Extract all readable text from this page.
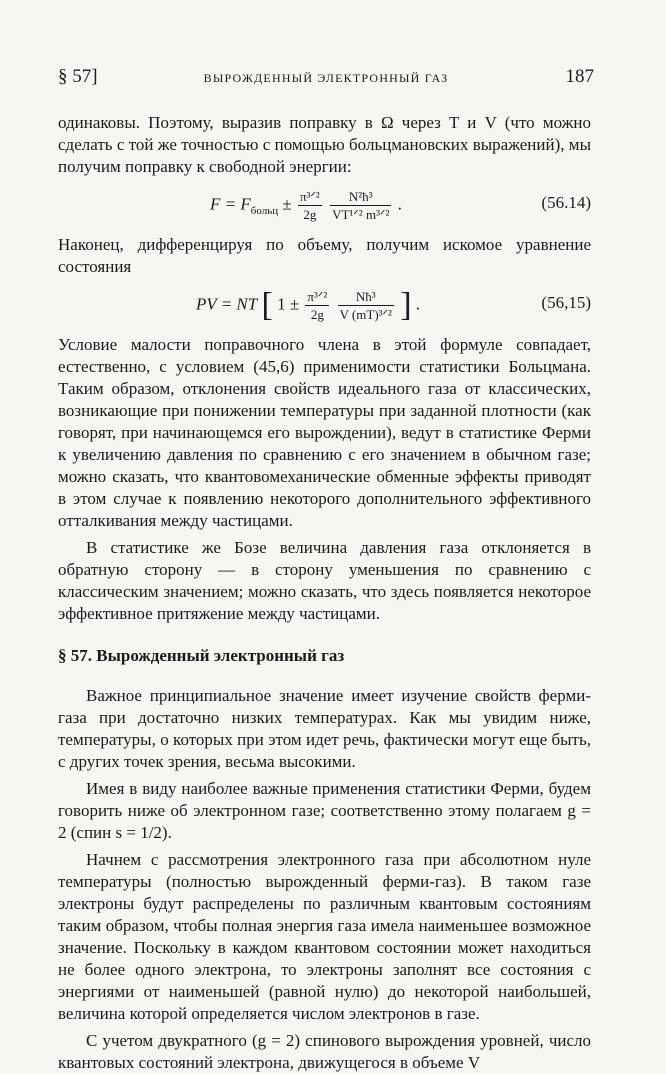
§ 57]	ВЫРОЖДЕННЫЙ ЭЛЕКТРОННЫЙ ГАЗ	187

одинаковы. Поэтому, выразив поправку в Ω через T и V (что можно сделать с той же точностью с помощью больцмановских выражений), мы получим поправку к свободной энергии:

$F = F_{больц} \pm \frac{\text{π³ᐟ²}}{2g}$
$\frac{\text{N²ħ³}}{\text{VT¹ᐟ² m³ᐟ²}}$ .	(56.14)

Наконец, дифференцируя по объему, получим искомое уравнение состояния

PV = NT [ $1 \pm \frac{\text{π³ᐟ²}}{2g}$
$\frac{\text{Nħ³}}{\text{V (mT)³ᐟ²}}$ ] .	(56,15)

Условие малости поправочного члена в этой формуле совпадает, естественно, с условием (45,6) применимости статистики Больцмана. Таким образом, отклонения свойств идеального газа от классических, возникающие при понижении температуры при заданной плотности (как говорят, при начинающемся его вырождении), ведут в статистике Ферми к увеличению давления по сравнению с его значением в обычном газе; можно сказать, что квантовомеханические обменные эффекты приводят в этом случае к появлению некоторого дополнительного эффективного отталкивания между частицами.

В статистике же Бозе величина давления газа отклоняется в обратную сторону — в сторону уменьшения по сравнению с классическим значением; можно сказать, что здесь появляется некоторое эффективное притяжение между частицами.

§ 57. Вырожденный электронный газ

Важное принципиальное значение имеет изучение свойств ферми-газа при достаточно низких температурах. Как мы увидим ниже, температуры, о которых при этом идет речь, фактически могут еще быть, с других точек зрения, весьма высокими.

Имея в виду наиболее важные применения статистики Ферми, будем говорить ниже об электронном газе; соответственно этому полагаем g = 2 (спин s = 1/2).

Начнем с рассмотрения электронного газа при абсолютном нуле температуры (полностью вырожденный ферми-газ). В таком газе электроны будут распределены по различным квантовым состояниям таким образом, чтобы полная энергия газа имела наименьшее возможное значение. Поскольку в каждом квантовом состоянии может находиться не более одного электрона, то электроны заполнят все состояния с энергиями от наименьшей (равной нулю) до некоторой наибольшей, величина которой определяется числом электронов в газе.

С учетом двукратного (g = 2) спинового вырождения уровней, число квантовых состояний электрона, движущегося в объеме V
